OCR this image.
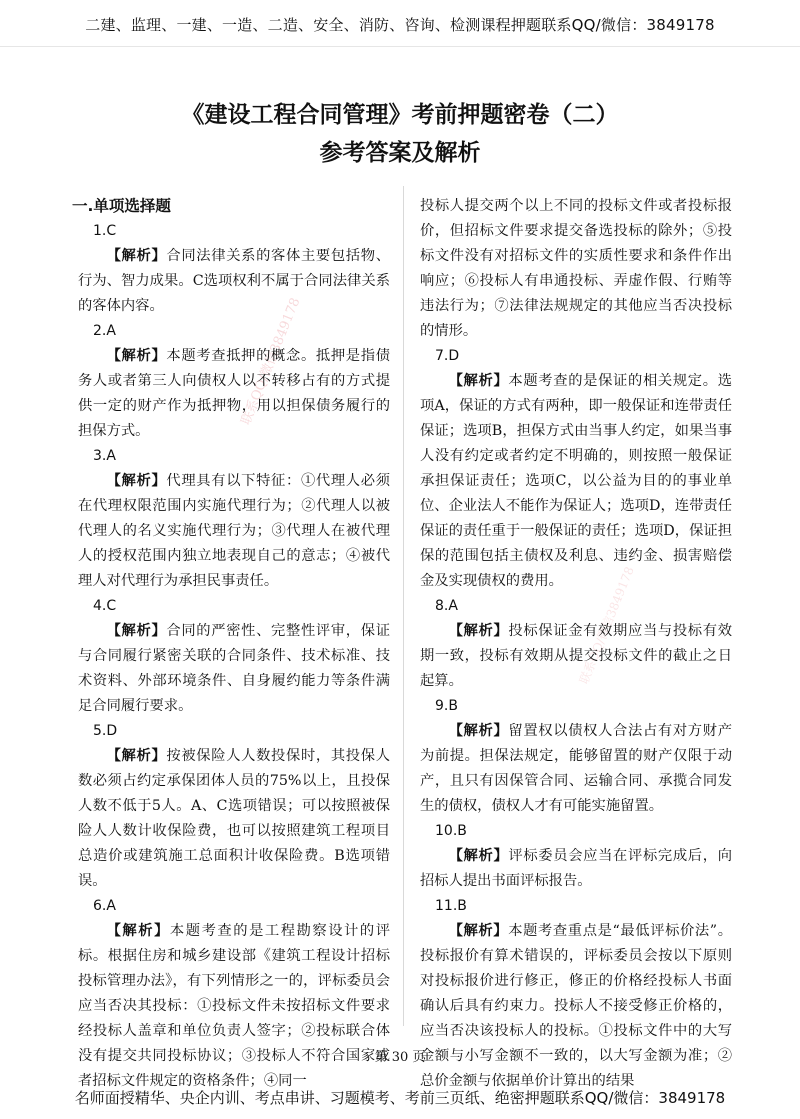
二建、监理、一建、一造、二造、安全、消防、咨询、检测课程押题联系QQ/微信：3849178
《建设工程合同管理》考前押题密卷（二）
参考答案及解析
联系QQ/微信3849178
联系QQ/微信3849178
一.单项选择题
1.C
【解析】合同法律关系的客体主要包括物、行为、智力成果。C选项权利不属于合同法律关系的客体内容。
2.A
【解析】本题考查抵押的概念。抵押是指债务人或者第三人向债权人以不转移占有的方式提供一定的财产作为抵押物，用以担保债务履行的担保方式。
3.A
【解析】代理具有以下特征：①代理人必须在代理权限范围内实施代理行为；②代理人以被代理人的名义实施代理行为；③代理人在被代理人的授权范围内独立地表现自己的意志；④被代理人对代理行为承担民事责任。
4.C
【解析】合同的严密性、完整性评审，保证与合同履行紧密关联的合同条件、技术标准、技术资料、外部环境条件、自身履约能力等条件满足合同履行要求。
5.D
【解析】按被保险人人数投保时，其投保人数必须占约定承保团体人员的75%以上，且投保人数不低于5人。A、C选项错误；可以按照被保险人人数计收保险费，也可以按照建筑工程项目总造价或建筑施工总面积计收保险费。B选项错误。
6.A
【解析】本题考查的是工程勘察设计的评标。根据住房和城乡建设部《建筑工程设计招标投标管理办法》，有下列情形之一的，评标委员会应当否决其投标：①投标文件未按招标文件要求经投标人盖章和单位负责人签字；②投标联合体没有提交共同投标协议；③投标人不符合国家或者招标文件规定的资格条件；④同一
投标人提交两个以上不同的投标文件或者投标报价，但招标文件要求提交备选投标的除外；⑤投标文件没有对招标文件的实质性要求和条件作出响应；⑥投标人有串通投标、弄虚作假、行贿等违法行为；⑦法律法规规定的其他应当否决投标的情形。
7.D
【解析】本题考查的是保证的相关规定。选项A，保证的方式有两种，即一般保证和连带责任保证；选项B，担保方式由当事人约定，如果当事人没有约定或者约定不明确的，则按照一般保证承担保证责任；选项C，以公益为目的的事业单位、企业法人不能作为保证人；选项D，连带责任保证的责任重于一般保证的责任；选项D，保证担保的范围包括主债权及利息、违约金、损害赔偿金及实现债权的费用。
8.A
【解析】投标保证金有效期应当与投标有效期一致，投标有效期从提交投标文件的截止之日起算。
9.B
【解析】留置权以债权人合法占有对方财产为前提。担保法规定，能够留置的财产仅限于动产，且只有因保管合同、运输合同、承揽合同发生的债权，债权人才有可能实施留置。
10.B
【解析】评标委员会应当在评标完成后，向招标人提出书面评标报告。
11.B
【解析】本题考查重点是“最低评标价法”。投标报价有算术错误的，评标委员会按以下原则对投标报价进行修正，修正的价格经投标人书面确认后具有约束力。投标人不接受修正价格的，应当否决该投标人的投标。①投标文件中的大写金额与小写金额不一致的，以大写金额为准；②总价金额与依据单价计算出的结果
第 30 页
名师面授精华、央企内训、考点串讲、习题模考、考前三页纸、绝密押题联系QQ/微信：3849178
